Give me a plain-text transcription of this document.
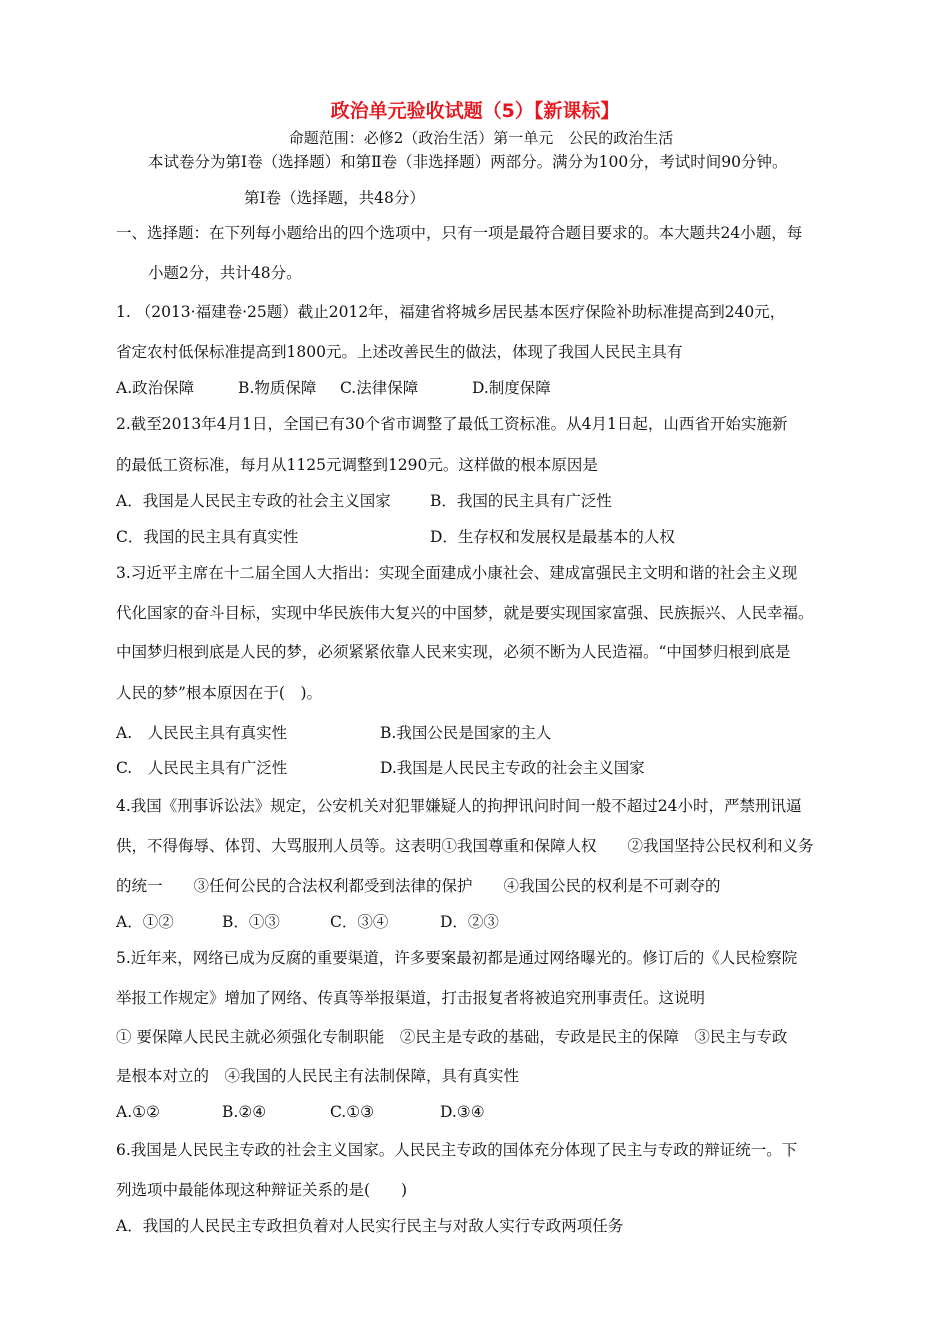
政治单元验收试题（5）【新课标】
命题范围：必修2（政治生活）第一单元　公民的政治生活
本试卷分为第Ⅰ卷（选择题）和第Ⅱ卷（非选择题）两部分。满分为100分，考试时间90分钟。
第Ⅰ卷（选择题，共48分）
一、选择题：在下列每小题给出的四个选项中，只有一项是最符合题目要求的。本大题共24小题，每
小题2分，共计48分。
1. （2013·福建卷·25题）截止2012年，福建省将城乡居民基本医疗保险补助标准提高到240元，
省定农村低保标准提高到1800元。上述改善民生的做法，体现了我国人民民主具有
A.政治保障	B.物质保障 C.法律保障	D.制度保障
2.截至2013年4月1日，全国已有30个省市调整了最低工资标准。从4月1日起，山西省开始实施新
的最低工资标准，每月从1125元调整到1290元。这样做的根本原因是
A．我国是人民民主专政的社会主义国家	B．我国的民主具有广泛性
C．我国的民主具有真实性	D．生存权和发展权是最基本的人权
3.习近平主席在十二届全国人大指出：实现全面建成小康社会、建成富强民主文明和谐的社会主义现
代化国家的奋斗目标，实现中华民族伟大复兴的中国梦，就是要实现国家富强、民族振兴、人民幸福。
中国梦归根到底是人民的梦，必须紧紧依靠人民来实现，必须不断为人民造福。“中国梦归根到底是
人民的梦”根本原因在于(　)。
A.　人民民主具有真实性	B.我国公民是国家的主人
C.　人民民主具有广泛性	D.我国是人民民主专政的社会主义国家
4.我国《刑事诉讼法》规定，公安机关对犯罪嫌疑人的拘押讯问时间一般不超过24小时，严禁刑讯逼
供，不得侮辱、体罚、大骂服刑人员等。这表明①我国尊重和保障人权　　②我国坚持公民权利和义务
的统一　　③任何公民的合法权利都受到法律的保护　　④我国公民的权利是不可剥夺的
A．①②	B．①③	C．③④	D．②③
5.近年来，网络已成为反腐的重要渠道，许多要案最初都是通过网络曝光的。修订后的《人民检察院
举报工作规定》增加了网络、传真等举报渠道，打击报复者将被追究刑事责任。这说明
① 要保障人民民主就必须强化专制职能　②民主是专政的基础，专政是民主的保障　③民主与专政
是根本对立的　④我国的人民民主有法制保障，具有真实性
A.①②	B.②④	C.①③	D.③④
6.我国是人民民主专政的社会主义国家。人民民主专政的国体充分体现了民主与专政的辩证统一。下
列选项中最能体现这种辩证关系的是(　　)
A．我国的人民民主专政担负着对人民实行民主与对敌人实行专政两项任务
